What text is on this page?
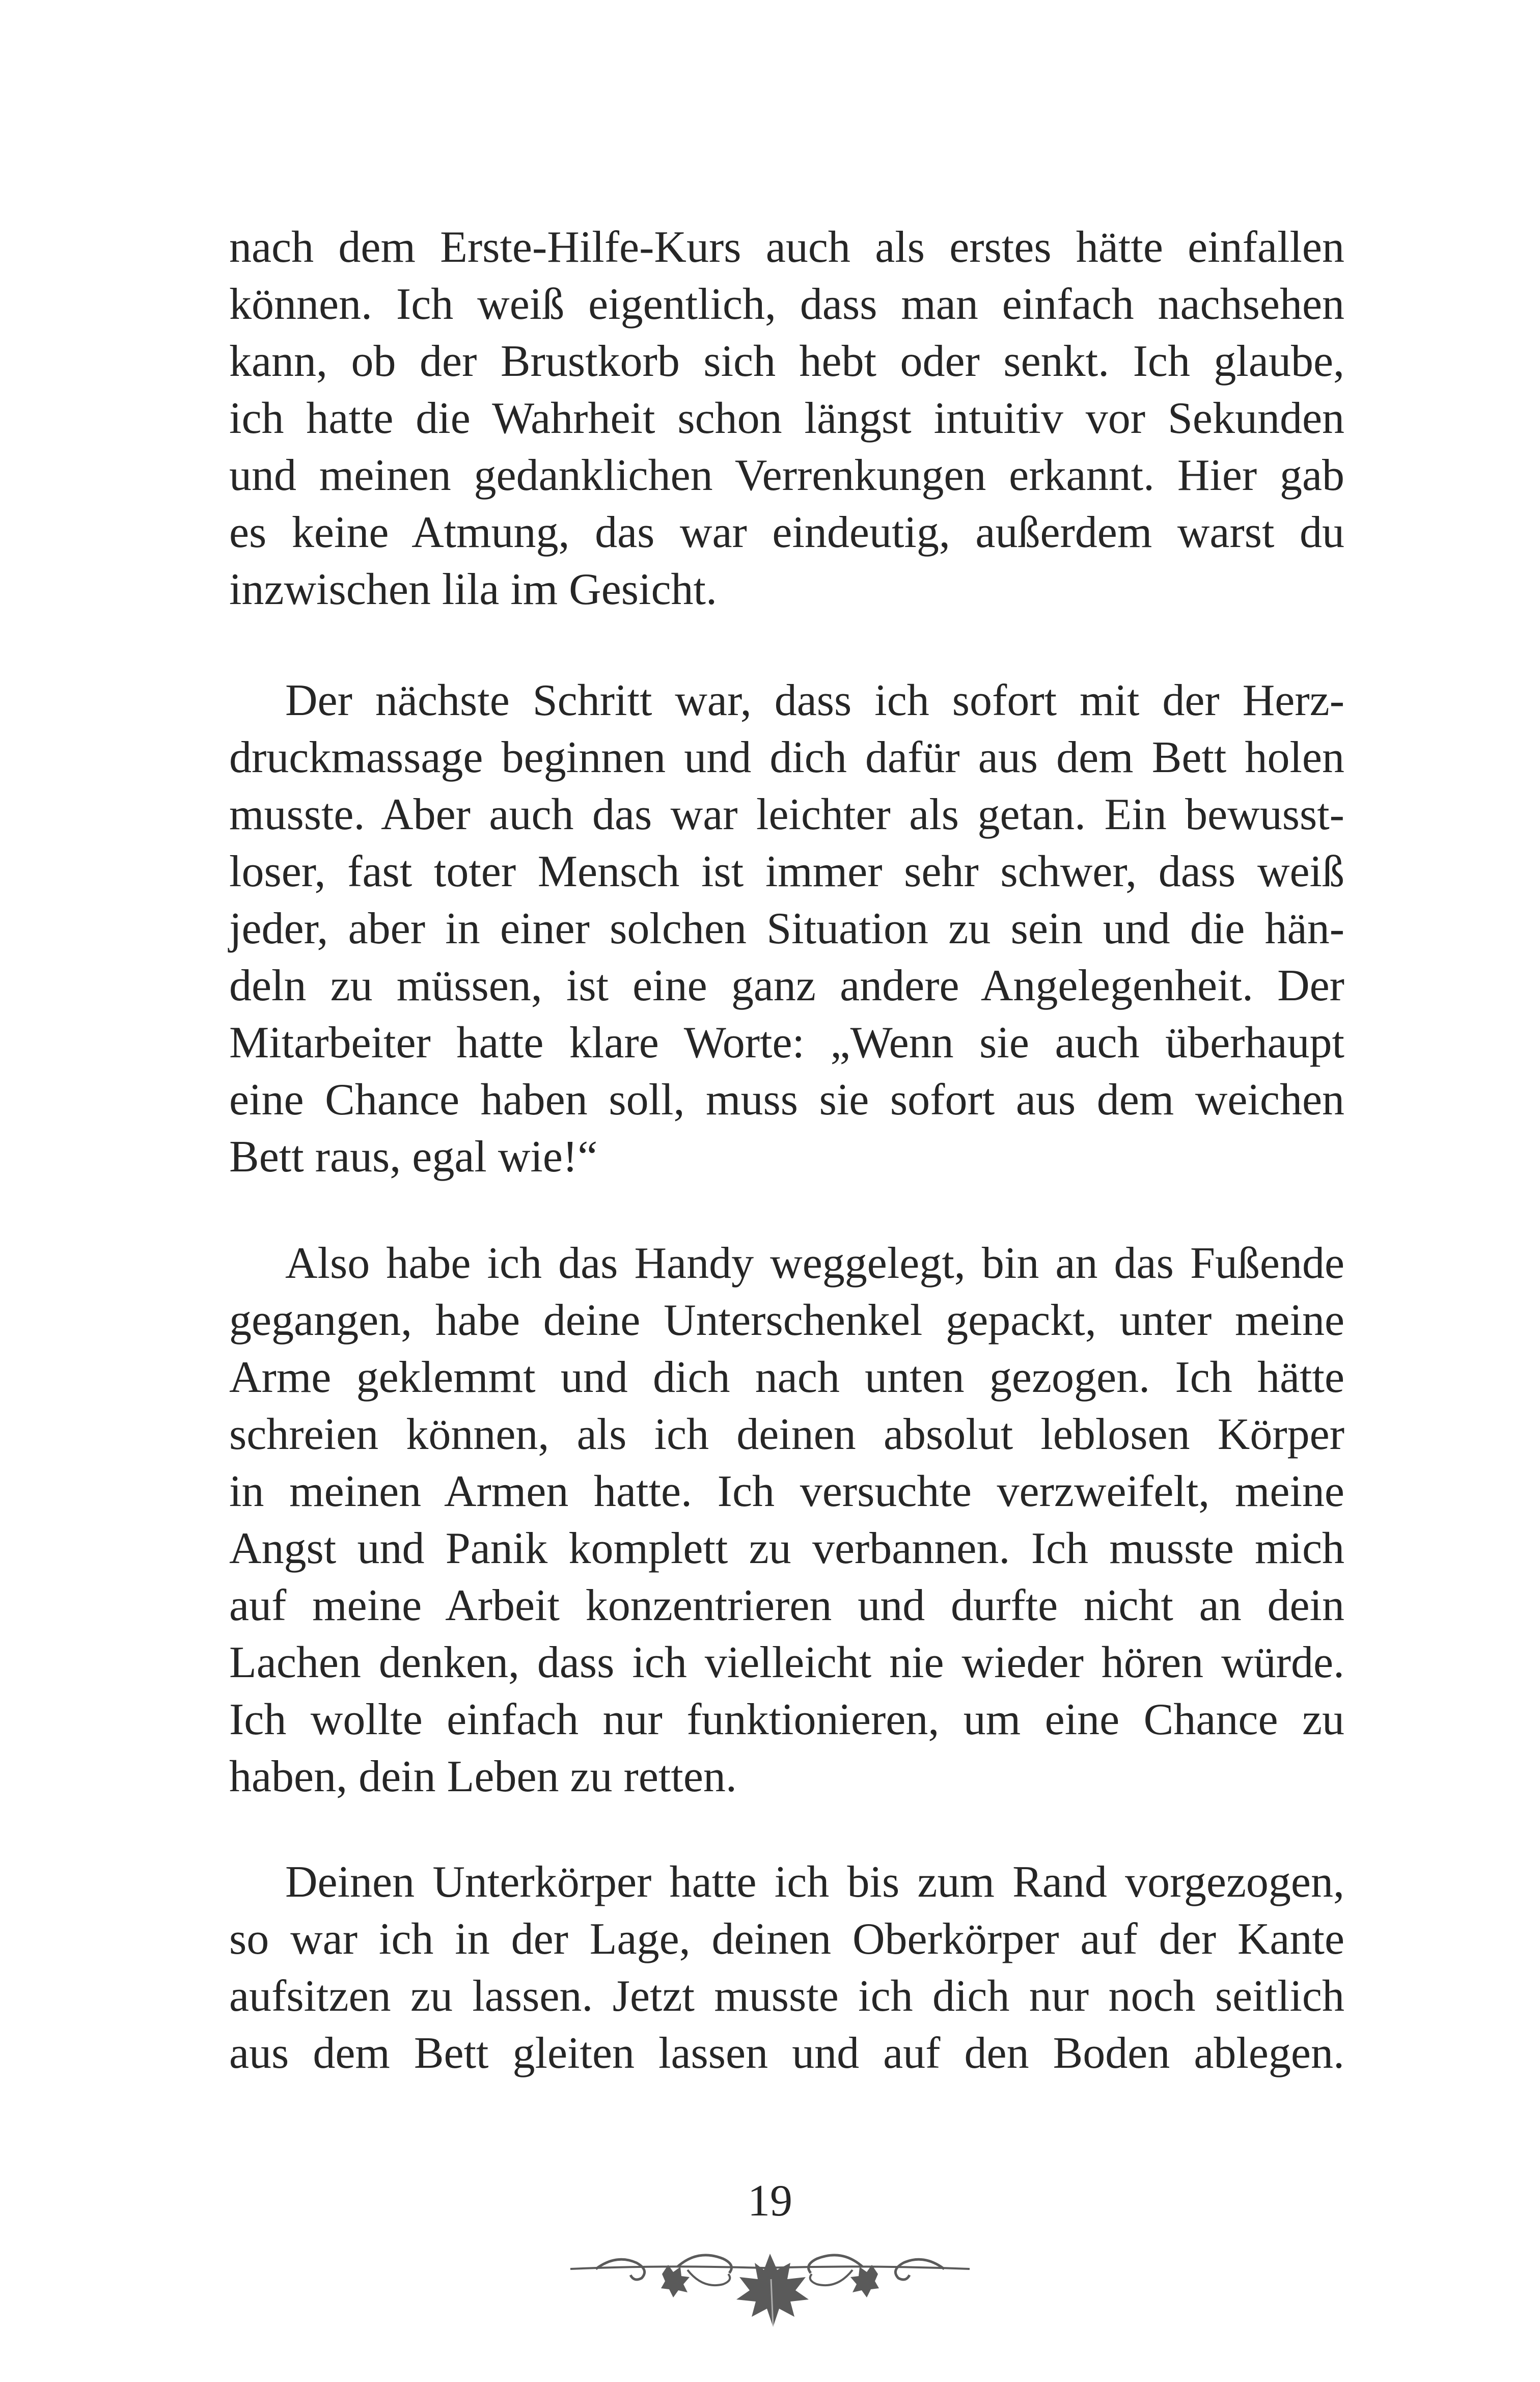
nach dem Erste-Hilfe-Kurs auch als erstes hätte einfallen
können. Ich weiß eigentlich, dass man einfach nachsehen
kann, ob der Brustkorb sich hebt oder senkt. Ich glaube,
ich hatte die Wahrheit schon längst intuitiv vor Sekunden
und meinen gedanklichen Verrenkungen erkannt. Hier gab
es keine Atmung, das war eindeutig, außerdem warst du
inzwischen lila im Gesicht.
Der nächste Schritt war, dass ich sofort mit der Herz-
druckmassage beginnen und dich dafür aus dem Bett holen
musste. Aber auch das war leichter als getan. Ein bewusst-
loser, fast toter Mensch ist immer sehr schwer, dass weiß
jeder, aber in einer solchen Situation zu sein und die hän-
deln zu müssen, ist eine ganz andere Angelegenheit. Der
Mitarbeiter hatte klare Worte: „Wenn sie auch überhaupt
eine Chance haben soll, muss sie sofort aus dem weichen
Bett raus, egal wie!“
Also habe ich das Handy weggelegt, bin an das Fußende
gegangen, habe deine Unterschenkel gepackt, unter meine
Arme geklemmt und dich nach unten gezogen. Ich hätte
schreien können, als ich deinen absolut leblosen Körper
in meinen Armen hatte. Ich versuchte verzweifelt, meine
Angst und Panik komplett zu verbannen. Ich musste mich
auf meine Arbeit konzentrieren und durfte nicht an dein
Lachen denken, dass ich vielleicht nie wieder hören würde.
Ich wollte einfach nur funktionieren, um eine Chance zu
haben, dein Leben zu retten.
Deinen Unterkörper hatte ich bis zum Rand vorgezogen,
so war ich in der Lage, deinen Oberkörper auf der Kante
aufsitzen zu lassen. Jetzt musste ich dich nur noch seitlich
aus dem Bett gleiten lassen und auf den Boden ablegen.
19
